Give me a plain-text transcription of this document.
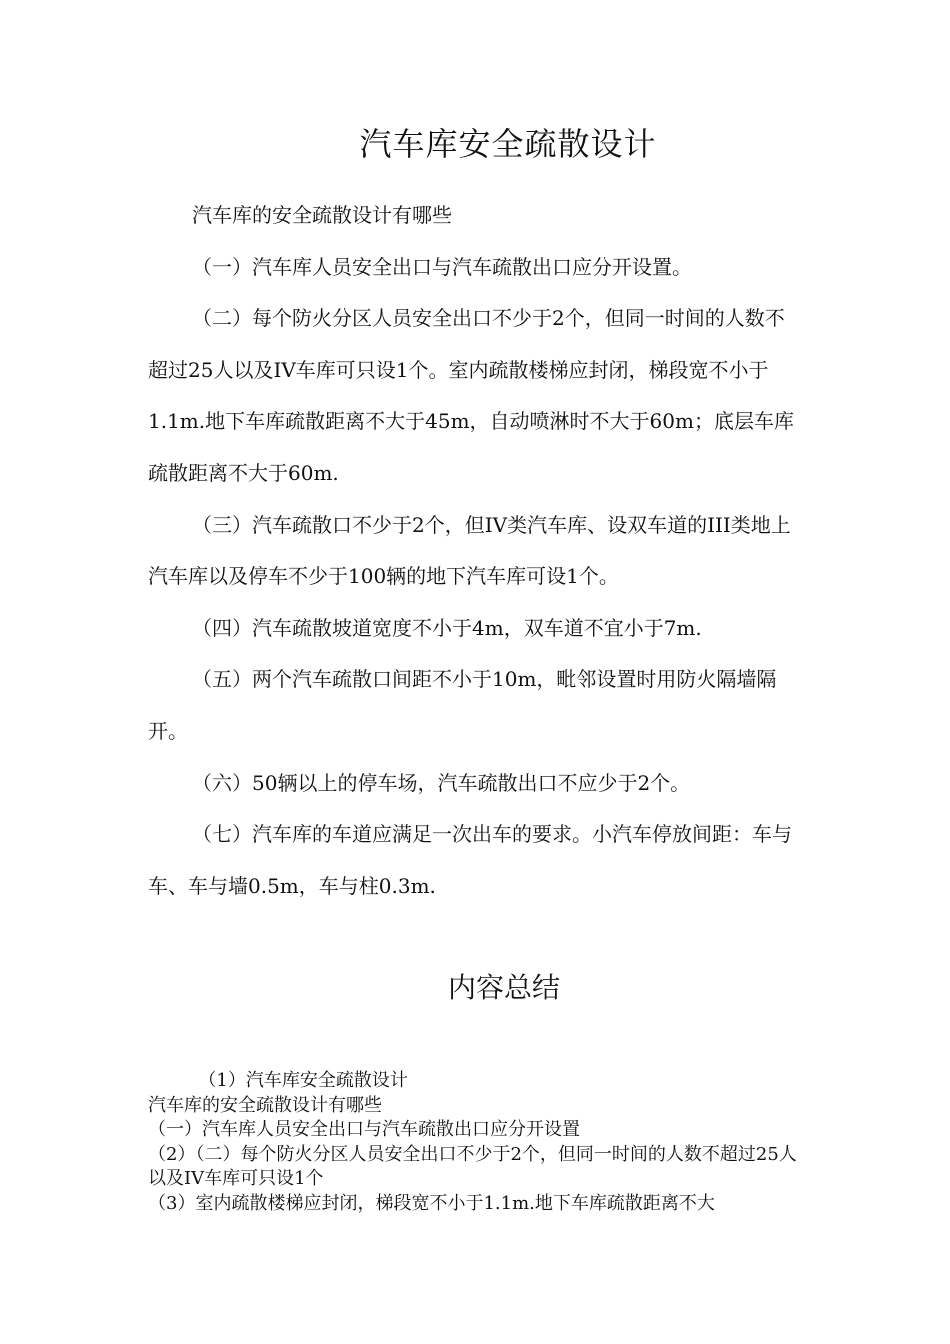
汽车库安全疏散设计

汽车库的安全疏散设计有哪些

（一）汽车库人员安全出口与汽车疏散出口应分开设置。

（二）每个防火分区人员安全出口不少于2个，但同一时间的人数不超过25人以及IV车库可只设1个。室内疏散楼梯应封闭，梯段宽不小于1.1m.地下车库疏散距离不大于45m，自动喷淋时不大于60m；底层车库疏散距离不大于60m.

（三）汽车疏散口不少于2个，但IV类汽车库、设双车道的III类地上汽车库以及停车不少于100辆的地下汽车库可设1个。

（四）汽车疏散坡道宽度不小于4m，双车道不宜小于7m.

（五）两个汽车疏散口间距不小于10m，毗邻设置时用防火隔墙隔开。

（六）50辆以上的停车场，汽车疏散出口不应少于2个。

（七）汽车库的车道应满足一次出车的要求。小汽车停放间距：车与车、车与墙0.5m，车与柱0.3m.

内容总结

（1）汽车库安全疏散设计

汽车库的安全疏散设计有哪些

（一）汽车库人员安全出口与汽车疏散出口应分开设置

（2）（二）每个防火分区人员安全出口不少于2个，但同一时间的人数不超过25人以及IV车库可只设1个

（3）室内疏散楼梯应封闭，梯段宽不小于1.1m.地下车库疏散距离不大
